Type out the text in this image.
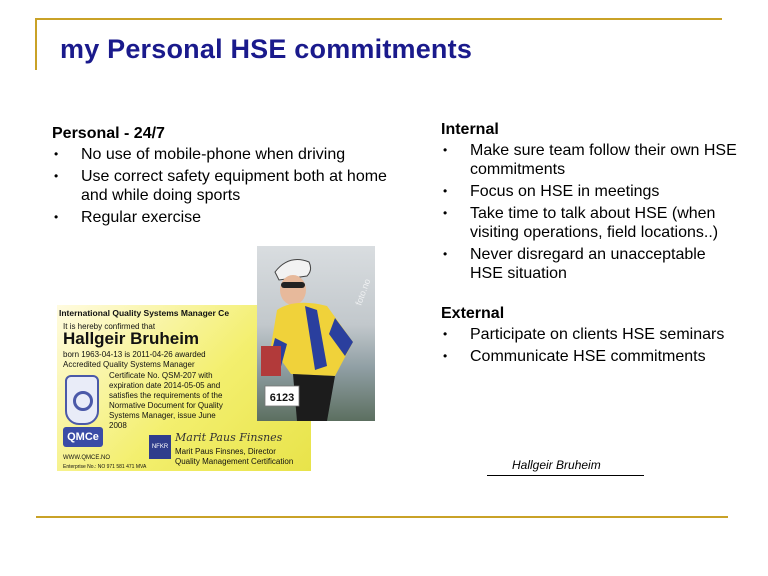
my Personal HSE commitments
Personal - 24/7
• No use of mobile-phone when driving
• Use correct safety equipment both at home and while doing sports
• Regular exercise
Internal
• Make sure team follow their own HSE commitments
• Focus on HSE in meetings
• Take time to talk about HSE (when visiting operations, field locations..)
• Never disregard an unacceptable HSE situation
External
• Participate on clients HSE seminars
• Communicate HSE commitments
International Quality Systems Manager Ce
It is hereby confirmed that
Hallgeir Bruheim
born 1963-04-13 is 2011-04-26 awarded
Accredited Quality Systems Manager
Certificate No. QSM-207 with
expiration date 2014-05-05 and
satisfies the requirements of the
Normative Document for Quality
Systems Manager, issue June
2008
QMCe
NFKR
Marit Paus Finsnes
Marit Paus Finsnes, Director
Quality Management Certification
WWW.QMCE.NO
Enterprise No.: NO 971 581 471 MVA
6123
foto.no
Hallgeir Bruheim
